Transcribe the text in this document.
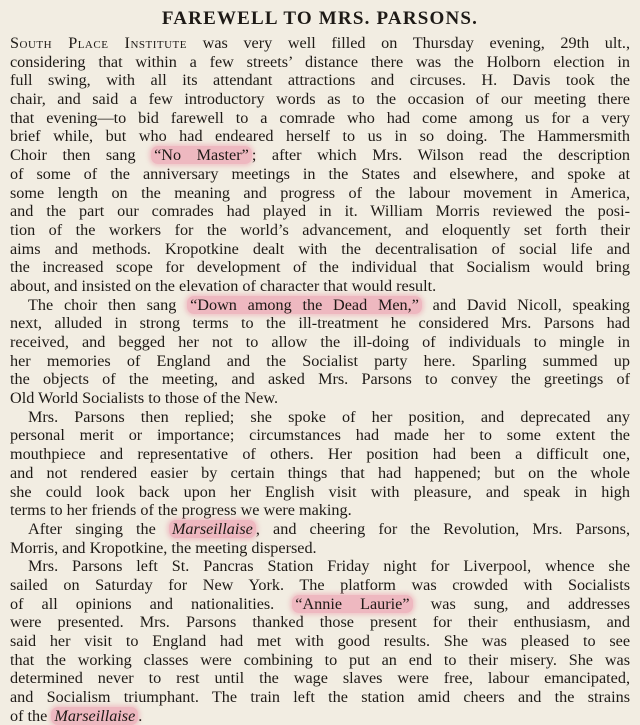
FAREWELL TO MRS. PARSONS.
South Place Institute was very well filled on Thursday evening, 29th ult.,
considering that within a few streets’ distance there was the Holborn election in
full swing, with all its attendant attractions and circuses. H. Davis took the
chair, and said a few introductory words as to the occasion of our meeting there
that evening—to bid farewell to a comrade who had come among us for a very
brief while, but who had endeared herself to us in so doing. The Hammersmith
Choir then sang “No Master” ; after which Mrs. Wilson read the description
of some of the anniversary meetings in the States and elsewhere, and spoke at
some length on the meaning and progress of the labour movement in America,
and the part our comrades had played in it. William Morris reviewed the posi-
tion of the workers for the world’s advancement, and eloquently set forth their
aims and methods. Kropotkine dealt with the decentralisation of social life and
the increased scope for development of the individual that Socialism would bring
about, and insisted on the elevation of character that would result.
The choir then sang “Down among the Dead Men,” and David Nicoll, speaking
next, alluded in strong terms to the ill-treatment he considered Mrs. Parsons had
received, and begged her not to allow the ill-doing of individuals to mingle in
her memories of England and the Socialist party here. Sparling summed up
the objects of the meeting, and asked Mrs. Parsons to convey the greetings of
Old World Socialists to those of the New.
Mrs. Parsons then replied; she spoke of her position, and deprecated any
personal merit or importance; circumstances had made her to some extent the
mouthpiece and representative of others. Her position had been a difficult one,
and not rendered easier by certain things that had happened; but on the whole
she could look back upon her English visit with pleasure, and speak in high
terms to her friends of the progress we were making.
After singing the Marseillaise , and cheering for the Revolution, Mrs. Parsons,
Morris, and Kropotkine, the meeting dispersed.
Mrs. Parsons left St. Pancras Station Friday night for Liverpool, whence she
sailed on Saturday for New York. The platform was crowded with Socialists
of all opinions and nationalities. “Annie Laurie” was sung, and addresses
were presented. Mrs. Parsons thanked those present for their enthusiasm, and
said her visit to England had met with good results. She was pleased to see
that the working classes were combining to put an end to their misery. She was
determined never to rest until the wage slaves were free, labour emancipated,
and Socialism triumphant. The train left the station amid cheers and the strains
of the Marseillaise .
